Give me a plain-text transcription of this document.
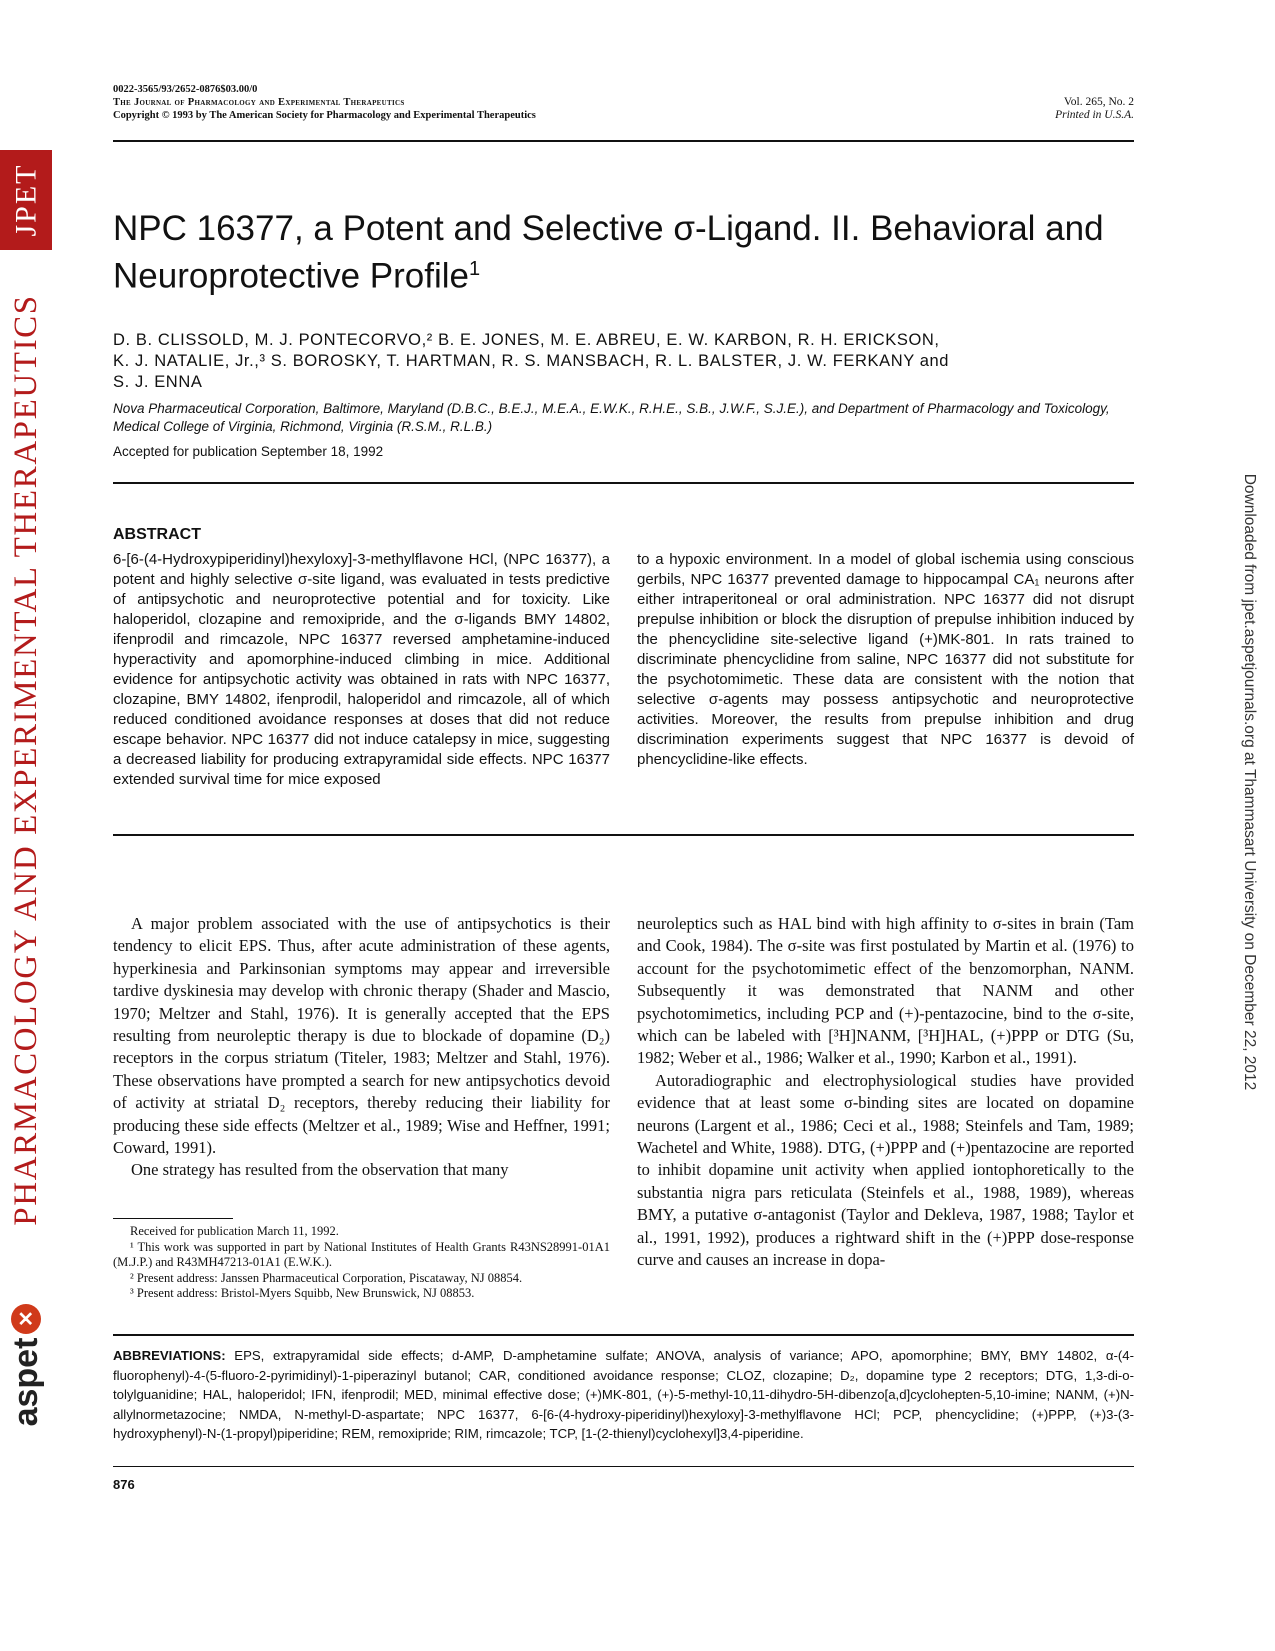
JPET
PHARMACOLOGY AND EXPERIMENTAL THERAPEUTICS
aspet
✕
Downloaded from jpet.aspetjournals.org at Thammasart University on December 22, 2012
0022-3565/93/2652-0876$03.00/0
The Journal of Pharmacology and Experimental Therapeutics
Copyright © 1993 by The American Society for Pharmacology and Experimental Therapeutics
Vol. 265, No. 2
Printed in U.S.A.
NPC 16377, a Potent and Selective σ-Ligand. II. Behavioral and Neuroprotective Profile$^1$
D. B. CLISSOLD, M. J. PONTECORVO,² B. E. JONES, M. E. ABREU, E. W. KARBON, R. H. ERICKSON,
K. J. NATALIE, Jr.,³ S. BOROSKY, T. HARTMAN, R. S. MANSBACH, R. L. BALSTER, J. W. FERKANY and
S. J. ENNA
Nova Pharmaceutical Corporation, Baltimore, Maryland (D.B.C., B.E.J., M.E.A., E.W.K., R.H.E., S.B., J.W.F., S.J.E.), and Department of Pharmacology and Toxicology, Medical College of Virginia, Richmond, Virginia (R.S.M., R.L.B.)
Accepted for publication September 18, 1992
ABSTRACT
6-[6-(4-Hydroxypiperidinyl)hexyloxy]-3-methylflavone HCl, (NPC 16377), a potent and highly selective σ-site ligand, was evaluated in tests predictive of antipsychotic and neuroprotective potential and for toxicity. Like haloperidol, clozapine and remoxipride, and the σ-ligands BMY 14802, ifenprodil and rimcazole, NPC 16377 reversed amphetamine-induced hyperactivity and apomorphine-induced climbing in mice. Additional evidence for antipsychotic activity was obtained in rats with NPC 16377, clozapine, BMY 14802, ifenprodil, haloperidol and rimcazole, all of which reduced conditioned avoidance responses at doses that did not reduce escape behavior. NPC 16377 did not induce catalepsy in mice, suggesting a decreased liability for producing extrapyramidal side effects. NPC 16377 extended survival time for mice exposed
to a hypoxic environment. In a model of global ischemia using conscious gerbils, NPC 16377 prevented damage to hippocampal CA₁ neurons after either intraperitoneal or oral administration. NPC 16377 did not disrupt prepulse inhibition or block the disruption of prepulse inhibition induced by the phencyclidine site-selective ligand (+)MK-801. In rats trained to discriminate phencyclidine from saline, NPC 16377 did not substitute for the psychotomimetic. These data are consistent with the notion that selective σ-agents may possess antipsychotic and neuroprotective activities. Moreover, the results from prepulse inhibition and drug discrimination experiments suggest that NPC 16377 is devoid of phencyclidine-like effects.

A major problem associated with the use of antipsychotics is their tendency to elicit EPS. Thus, after acute administration of these agents, hyperkinesia and Parkinsonian symptoms may appear and irreversible tardive dyskinesia may develop with chronic therapy (Shader and Mascio, 1970; Meltzer and Stahl, 1976). It is generally accepted that the EPS resulting from neuroleptic therapy is due to blockade of dopamine (D₂) receptors in the corpus striatum (Titeler, 1983; Meltzer and Stahl, 1976). These observations have prompted a search for new antipsychotics devoid of activity at striatal D₂ receptors, thereby reducing their liability for producing these side effects (Meltzer et al., 1989; Wise and Heffner, 1991; Coward, 1991).

One strategy has resulted from the observation that many

neuroleptics such as HAL bind with high affinity to σ-sites in brain (Tam and Cook, 1984). The σ-site was first postulated by Martin et al. (1976) to account for the psychotomimetic effect of the benzomorphan, NANM. Subsequently it was demonstrated that NANM and other psychotomimetics, including PCP and (+)-pentazocine, bind to the σ-site, which can be labeled with [³H]NANM, [³H]HAL, (+)PPP or DTG (Su, 1982; Weber et al., 1986; Walker et al., 1990; Karbon et al., 1991).

Autoradiographic and electrophysiological studies have provided evidence that at least some σ-binding sites are located on dopamine neurons (Largent et al., 1986; Ceci et al., 1988; Steinfels and Tam, 1989; Wachetel and White, 1988). DTG, (+)PPP and (+)pentazocine are reported to inhibit dopamine unit activity when applied iontophoretically to the substantia nigra pars reticulata (Steinfels et al., 1988, 1989), whereas BMY, a putative σ-antagonist (Taylor and Dekleva, 1987, 1988; Taylor et al., 1991, 1992), produces a rightward shift in the (+)PPP dose-response curve and causes an increase in dopa-

Received for publication March 11, 1992.

¹ This work was supported in part by National Institutes of Health Grants R43NS28991-01A1 (M.J.P.) and R43MH47213-01A1 (E.W.K.).

² Present address: Janssen Pharmaceutical Corporation, Piscataway, NJ 08854.

³ Present address: Bristol-Myers Squibb, New Brunswick, NJ 08853.

ABBREVIATIONS: EPS, extrapyramidal side effects; d-AMP, D-amphetamine sulfate; ANOVA, analysis of variance; APO, apomorphine; BMY, BMY 14802, α-(4-fluorophenyl)-4-(5-fluoro-2-pyrimidinyl)-1-piperazinyl butanol; CAR, conditioned avoidance response; CLOZ, clozapine; D₂, dopamine type 2 receptors; DTG, 1,3-di-o-tolylguanidine; HAL, haloperidol; IFN, ifenprodil; MED, minimal effective dose; (+)MK-801, (+)-5-methyl-10,11-dihydro-5H-dibenzo[a,d]cyclohepten-5,10-imine; NANM, (+)N-allylnormetazocine; NMDA, N-methyl-D-aspartate; NPC 16377, 6-[6-(4-hydroxy-piperidinyl)hexyloxy]-3-methylflavone HCl; PCP, phencyclidine; (+)PPP, (+)3-(3-hydroxyphenyl)-N-(1-propyl)piperidine; REM, remoxipride; RIM, rimcazole; TCP, [1-(2-thienyl)cyclohexyl]3,4-piperidine.
876
